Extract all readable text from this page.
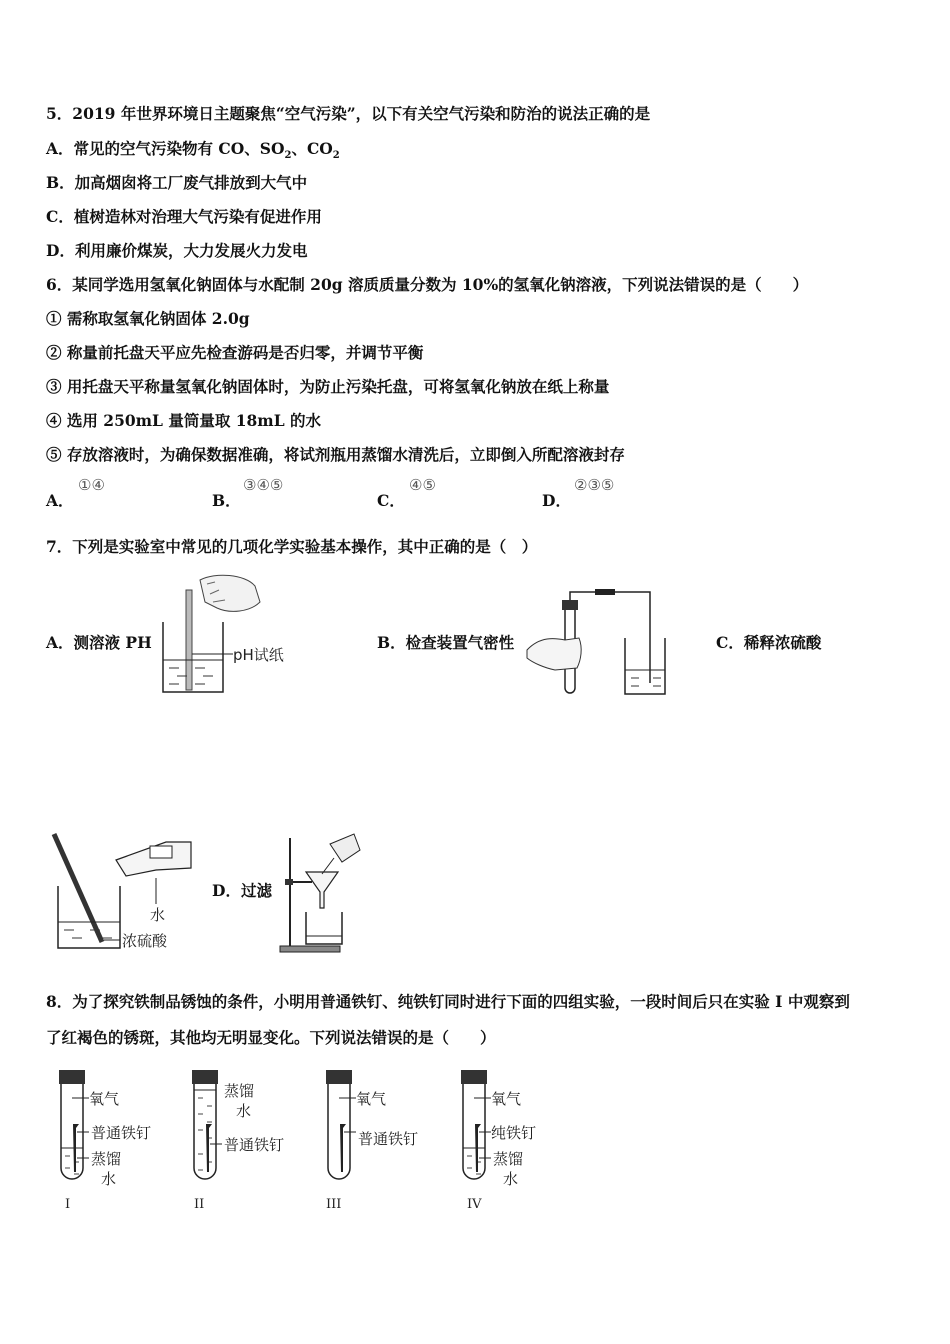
5．2019 年世界环境日主题聚焦“空气污染”，以下有关空气污染和防治的说法正确的是
A．常见的空气污染物有 CO、$SO_2$、$CO_2$
B．加高烟囱将工厂废气排放到大气中
C．植树造林对治理大气污染有促进作用
D．利用廉价煤炭，大力发展火力发电
6．某同学选用氢氧化钠固体与水配制 20g 溶质质量分数为 10%的氢氧化钠溶液，下列说法错误的是（　　）
① 需称取氢氧化钠固体 2.0g
② 称量前托盘天平应先检查游码是否归零，并调节平衡
③ 用托盘天平称量氢氧化钠固体时，为防止污染托盘，可将氢氧化钠放在纸上称量
④ 选用 250mL 量筒量取 18mL 的水
⑤ 存放溶液时，为确保数据准确，将试剂瓶用蒸馏水清洗后，立即倒入所配溶液封存
A．
①④
B．
③④⑤
C．
④⑤
D．
②③⑤
7．下列是实验室中常见的几项化学实验基本操作，其中正确的是（　）
A．测溶液 PH	B．检查装置气密性	C．稀释浓硫酸
D．过滤
pH试纸
水
浓硫酸
8．为了探究铁制品锈蚀的条件，小明用普通铁钉、纯铁钉同时进行下面的四组实验，一段时间后只在实验 I 中观察到
了红褐色的锈斑，其他均无明显变化。下列说法错误的是（　　）
氧气
普通铁钉
蒸馏
水
I
蒸馏
水
普通铁钉
II
氧气
普通铁钉
III
氧气
纯铁钉
蒸馏
水
IV
